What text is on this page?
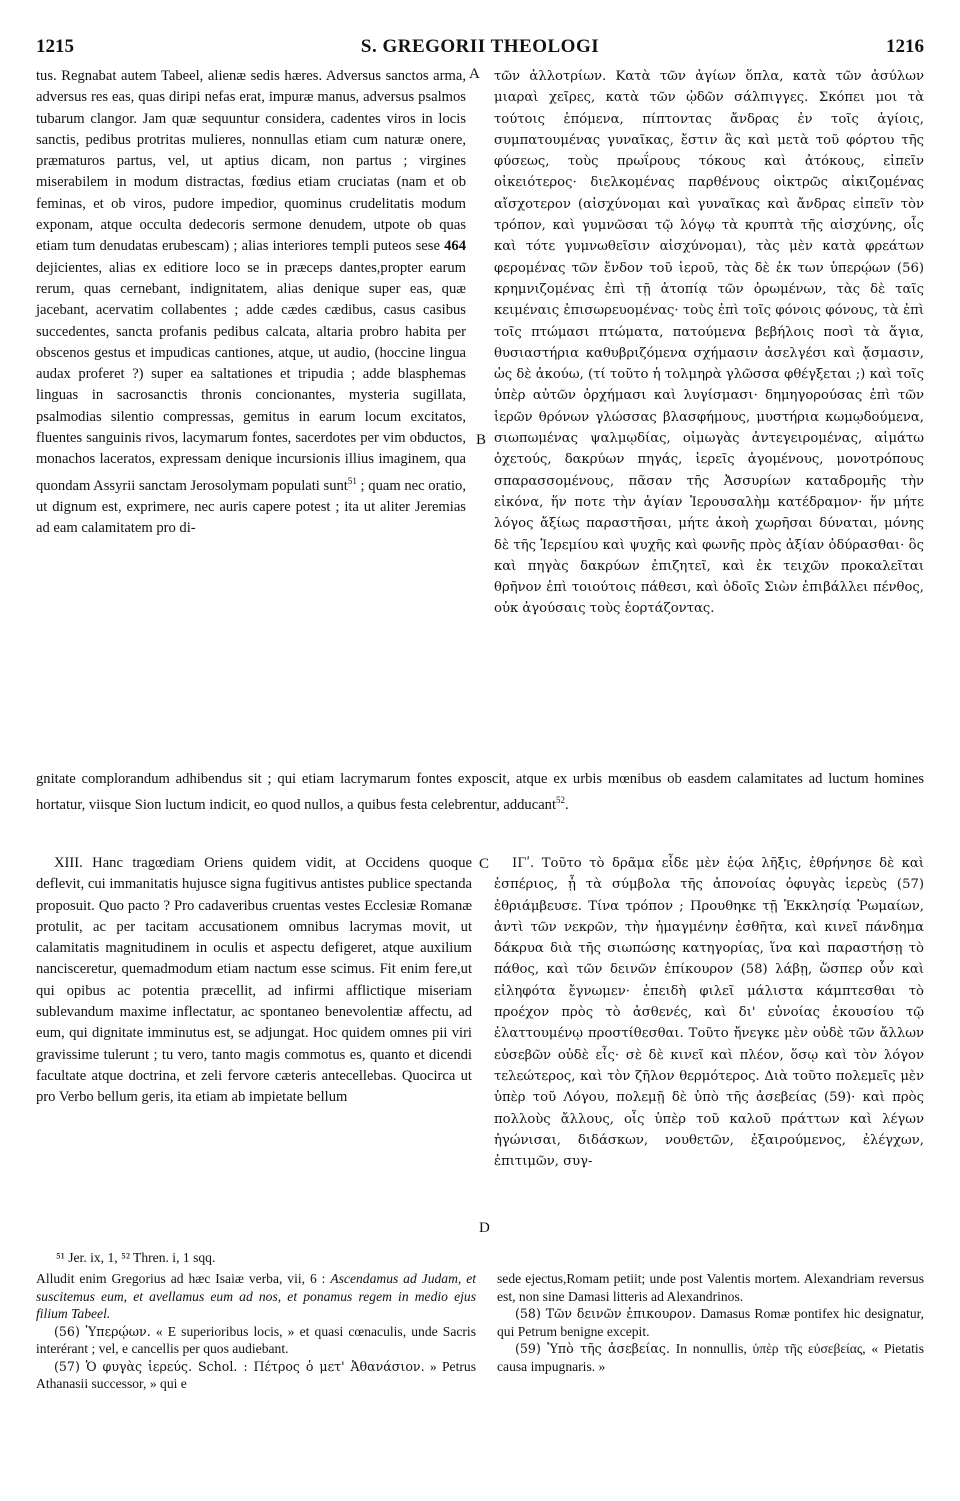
1215	S. GREGORII THEOLOGI	1216

tus. Regnabat autem Tabeel, alienæ sedis hæres. Adversus sanctos arma, adversus res eas, quas diripi nefas erat, impuræ manus, adversus psalmos tubarum clangor. Jam quæ sequuntur considera, cadentes viros in locis sanctis, pedibus protritas mulieres, nonnullas etiam cum naturæ onere, præmaturos partus, vel, ut aptius dicam, non partus ; virgines miserabilem in modum distractas, fœdius etiam cruciatas (nam et ob feminas, et ob viros, pudore impedior, quominus crudelitatis modum exponam, atque occulta dedecoris sermone denudem, utpote ob quas etiam tum denudatas erubescam) ; alias interiores templi puteos sese 464 dejicientes, alias ex editiore loco se in præceps dantes,propter earum rerum, quas cernebant, indignitatem, alias denique super eas, quæ jacebant, acervatim collabentes ; adde cædes cædibus, casus casibus succedentes, sancta profanis pedibus calcata, altaria probro habita per obscenos gestus et impudicas cantiones, atque, ut audio, (hoccine lingua audax proferet ?) super ea saltationes et tripudia ; adde blasphemas linguas in sacrosanctis thronis concionantes, mysteria sugillata, psalmodias silentio compressas, gemitus in earum locum excitatos, fluentes sanguinis rivos, lacymarum fontes, sacerdotes per vim obductos, monachos laceratos, expressam denique incursionis illius imaginem, qua quondam Assyrii sanctam Jerosolymam populati sunt$^{51}$ ; quam nec oratio, ut dignum est, exprimere, nec auris capere potest ; ita ut aliter Jeremias ad eam calamitatem pro di-

A
B

τῶν ἀλλοτρίων. Κατὰ τῶν ἁγίων ὅπλα, κατὰ τῶν ἀσύλων μιαραὶ χεῖρες, κατὰ τῶν ᾠδῶν σάλπιγγες. Σκόπει μοι τὰ τούτοις ἑπόμενα, πίπτοντας ἄνδρας ἐν τοῖς ἁγίοις, συμπατουμένας γυναῖκας, ἔστιν ἃς καὶ μετὰ τοῦ φόρτου τῆς φύσεως, τοὺς πρωΐρους τόκους καὶ ἀτόκους, εἰπεῖν οἰκειότερος· διελκομένας παρθένους οἰκτρῶς αἰκιζομένας αἴσχοτερον (αἰσχύνομαι καὶ γυναῖκας καὶ ἄνδρας εἰπεῖν τὸν τρόπον, καὶ γυμνῶσαι τῷ λόγῳ τὰ κρυπτὰ τῆς αἰσχύνης, οἷς καὶ τότε γυμνωθεῖσιν αἰσχύνομαι), τὰς μὲν κατὰ φρεάτων φερομένας τῶν ἔνδον τοῦ ἱεροῦ, τὰς δὲ ἐκ των ὑπερῴων (56) κρημνιζομένας ἐπὶ τῇ ἀτοπίᾳ τῶν ὁρωμένων, τὰς δὲ ταῖς κειμέναις ἐπισωρευομένας· τοὺς ἐπὶ τοῖς φόνοις φόνους, τὰ ἐπὶ τοῖς πτώμασι πτώματα, πατούμενα βεβήλοις ποσὶ τὰ ἅγια, θυσιαστήρια καθυβριζόμενα σχήμασιν ἀσελγέσι καὶ ᾄσμασιν, ὡς δὲ ἀκούω, (τί τοῦτο ἡ τολμηρὰ γλῶσσα φθέγξεται ;) καὶ τοῖς ὑπὲρ αὐτῶν ὀρχήμασι καὶ λυγίσμασι· δημηγορούσας ἐπὶ τῶν ἱερῶν θρόνων γλώσσας βλασφήμους, μυστήρια κωμῳδούμενα, σιωπωμένας ψαλμῳδίας, οἰμωγὰς ἀντεγειρομένας, αἱμάτω ὀχετούς, δακρύων πηγάς, ἱερεῖς ἀγομένους, μονοτρόπους σπαρασσομένους, πᾶσαν τῆς Ἀσσυρίων καταδρομῆς τὴν εἰκόνα, ἥν ποτε τὴν ἁγίαν Ἱερουσαλὴμ κατέδραμον· ἥν μήτε λόγος ἄξίως παραστῆσαι, μήτε ἀκοὴ χωρῆσαι δύναται, μόνης δὲ τῆς Ἱερεμίου καὶ ψυχῆς καὶ φωνῆς πρὸς ἀξίαν ὀδύρασθαι· ὃς καὶ πηγὰς δακρύων ἐπιζητεῖ, καὶ ἐκ τειχῶν προκαλεῖται θρῆνον ἐπὶ τοιούτοις πάθεσι, καὶ ὁδοῖς Σιὼν ἐπιβάλλει πένθος, οὐκ ἀγούσαις τοὺς ἑορτάζοντας.

gnitate complorandum adhibendus sit ; qui etiam lacrymarum fontes exposcit, atque ex urbis mœnibus ob easdem calamitates ad luctum homines hortatur, viisque Sion luctum indicit, eo quod nullos, a quibus festa celebrentur, adducant$^{52}$.

XIII. Hanc tragœdiam Oriens quidem vidit, at Occidens quoque deflevit, cui immanitatis hujusce signa fugitivus antistes publice spectanda proposuit. Quo pacto ? Pro cadaveribus cruentas vestes Ecclesiæ Romanæ protulit, ac per tacitam accusationem omnibus lacrymas movit, ut calamitatis magnitudinem in oculis et aspectu defigeret, atque auxilium nancisceretur, quemadmodum etiam nactum esse scimus. Fit enim fere,ut qui opibus ac potentia præcellit, ad infirmi afflictique miseriam sublevandum maxime inflectatur, ac spontaneo benevolentiæ affectu, ad eum, qui dignitate imminutus est, se adjungat. Hoc quidem omnes pii viri gravissime tulerunt ; tu vero, tanto magis commotus es, quanto et dicendi facultate atque doctrina, et zeli fervore cæteris antecellebas. Quocirca ut pro Verbo bellum geris, ita etiam ab impietate bellum

C
D

ΙΓʹ. Τοῦτο τὸ δρᾶμα εἶδε μὲν ἑῴα λῆξις, ἐθρήνησε δὲ καὶ ἑσπέριος, ᾗ τὰ σύμβολα τῆς ἀπονοίας ὀφυγὰς ἱερεὺς (57) ἐθριάμβευσε. Τίνα τρόπον ; Προυθηκε τῇ Ἐκκλησίᾳ Ῥωμαίων, ἀντὶ τῶν νεκρῶν, τὴν ἡμαγμένην ἐσθῆτα, καὶ κινεῖ πάνδημα δάκρυα διὰ τῆς σιωπώσης κατηγορίας, ἵνα καὶ παραστήσῃ τὸ πάθος, καὶ τῶν δεινῶν ἐπίκουρον (58) λάβῃ, ὥσπερ οὖν καὶ εἰληφότα ἔγνωμεν· ἐπειδὴ φιλεῖ μάλιστα κάμπτεσθαι τὸ προέχον πρὸς τὸ ἀσθενές, καὶ δι' εὐνοίας ἑκουσίου τῷ ἐλαττουμένῳ προστίθεσθαι. Τοῦτο ἤνεγκε μὲν οὐδὲ τῶν ἄλλων εὐσεβῶν οὐδὲ εἷς· σὲ δὲ κινεῖ καὶ πλέον, ὅσῳ καὶ τὸν λόγον τελεώτερος, καὶ τὸν ζῆλον θερμότερος. Διὰ τοῦτο πολεμεῖς μὲν ὑπὲρ τοῦ Λόγου, πολεμῇ δὲ ὑπὸ τῆς ἀσεβείας (59)· καὶ πρὸς πολλοὺς ἄλλους, οἷς ὑπὲρ τοῦ καλοῦ πράττων καὶ λέγων ἠγώνισαι, διδάσκων, νουθετῶν, ἐξαιρούμενος, ἐλέγχων, ἐπιτιμῶν, συγ-

⁵¹ Jer. ix, 1, ⁵² Thren. i, 1 sqq.

Alludit enim Gregorius ad hæc Isaiæ verba, vii, 6 : Ascendamus ad Judam, et suscitemus eum, et avellamus eum ad nos, et ponamus regem in medio ejus filium Tabeel.

(56) Ὑπερῴων. « E superioribus locis, » et quasi cœnaculis, unde Sacris interérant ; vel, e cancellis per quos audiebant.

(57) Ὁ φυγὰς ἱερεύς. Schol. : Πέτρος ὁ μετ' Ἀθανάσιον. » Petrus Athanasii successor, » qui e

sede ejectus,Romam petiit; unde post Valentis mortem. Alexandriam reversus est, non sine Damasi litteris ad Alexandrinos.

(58) Τῶν δεινῶν ἐπικουρον. Damasus Romæ pontifex hic designatur, qui Petrum benigne excepit.

(59) Ὑπὸ τῆς ἀσεβείας. In nonnullis, ὑπὲρ τῆς εὐσεβείας, « Pietatis causa impugnaris. »
